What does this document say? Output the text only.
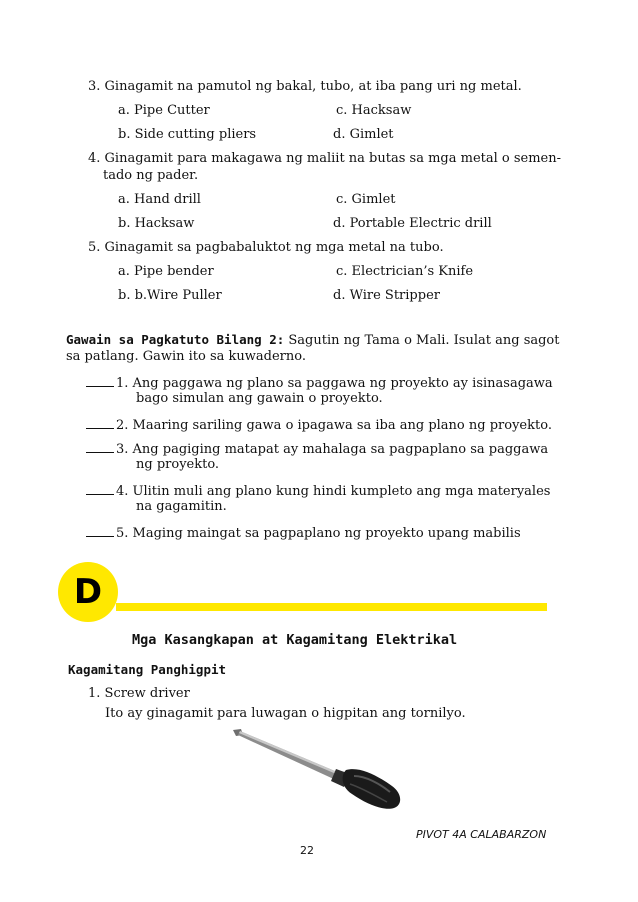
3. Ginagamit na pamutol ng bakal, tubo, at iba pang uri ng metal.
a. Pipe Cutter	c. Hacksaw
b. Side cutting pliers	d. Gimlet
4. Ginagamit para makagawa ng maliit na butas sa mga metal o semen-
tado ng pader.
a. Hand drill	c. Gimlet
b. Hacksaw	d. Portable Electric drill
5. Ginagamit sa pagbabaluktot ng mga metal na tubo.
a. Pipe bender	c. Electrician’s Knife
b. b.Wire Puller	d. Wire Stripper
Gawain sa Pagkatuto Bilang 2: Sagutin ng Tama o Mali. Isulat ang sagot
sa patlang. Gawin ito sa kuwaderno.
1. Ang paggawa ng plano sa paggawa ng proyekto ay isinasagawa
bago simulan ang gawain o proyekto.
2. Maaring sariling gawa o ipagawa sa iba ang plano ng proyekto.
3. Ang pagiging matapat ay mahalaga sa pagpaplano sa paggawa
ng proyekto.
4. Ulitin muli ang plano kung hindi kumpleto ang mga materyales
na gagamitin.
5. Maging maingat sa pagpaplano ng proyekto upang mabilis
D
Mga Kasangkapan at Kagamitang Elektrikal
Kagamitang Panghigpit
1. Screw driver
Ito ay ginagamit para luwagan o higpitan ang tornilyo.
PIVOT 4A CALABARZON
22
